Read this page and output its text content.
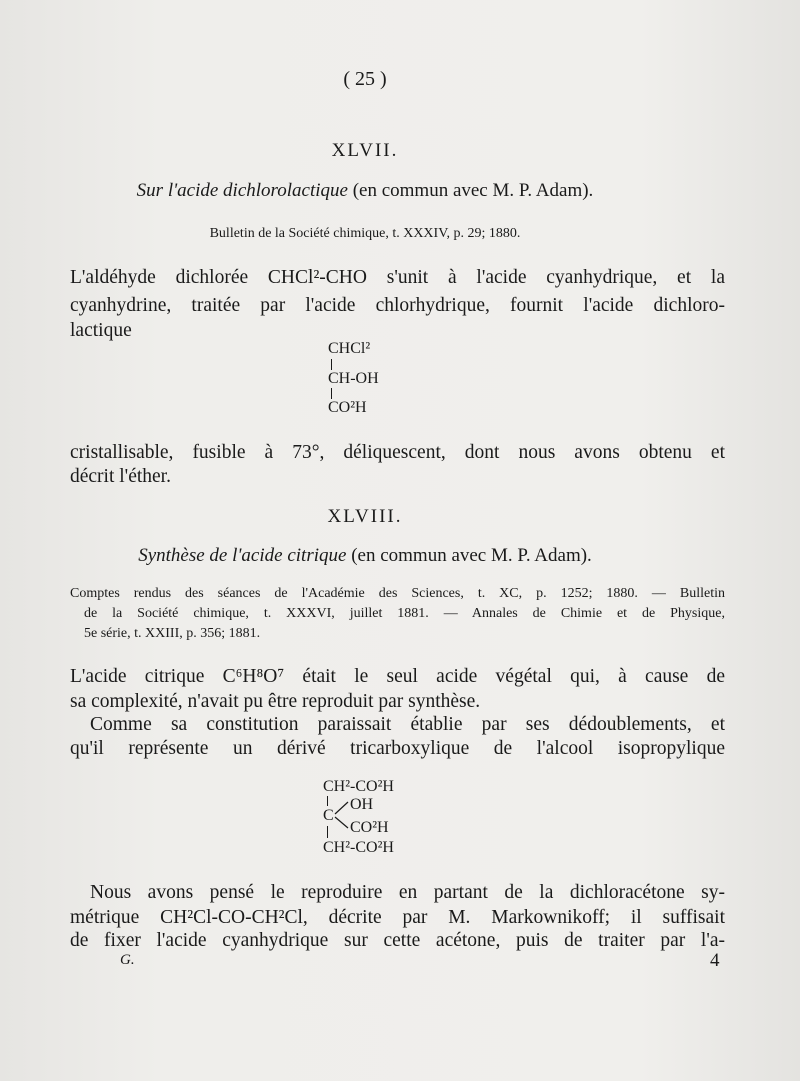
( 25 )
XLVII.
Sur l'acide dichlorolactique (en commun avec M. P. Adam).
Bulletin de la Société chimique, t. XXXIV, p. 29; 1880.
L'aldéhyde dichlorée CHCl²-CHO s'unit à l'acide cyanhydrique, et la
cyanhydrine, traitée par l'acide chlorhydrique, fournit l'acide dichloro-
lactique
CHCl²
CH-OH
CO²H
cristallisable, fusible à 73°, déliquescent, dont nous avons obtenu et
décrit l'éther.
XLVIII.
Synthèse de l'acide citrique (en commun avec M. P. Adam).
Comptes rendus des séances de l'Académie des Sciences, t. XC, p. 1252; 1880. — Bulletin
de la Société chimique, t. XXXVI, juillet 1881. — Annales de Chimie et de Physique,
5e série, t. XXIII, p. 356; 1881.
L'acide citrique C⁶H⁸O⁷ était le seul acide végétal qui, à cause de
sa complexité, n'avait pu être reproduit par synthèse.
Comme sa constitution paraissait établie par ses dédoublements, et
qu'il représente un dérivé tricarboxylique de l'alcool isopropylique
CH²-CO²H
OH
C
CO²H
CH²-CO²H
Nous avons pensé le reproduire en partant de la dichloracétone sy-
métrique CH²Cl-CO-CH²Cl, décrite par M. Markownikoff; il suffisait
de fixer l'acide cyanhydrique sur cette acétone, puis de traiter par l'a-
G.	4
